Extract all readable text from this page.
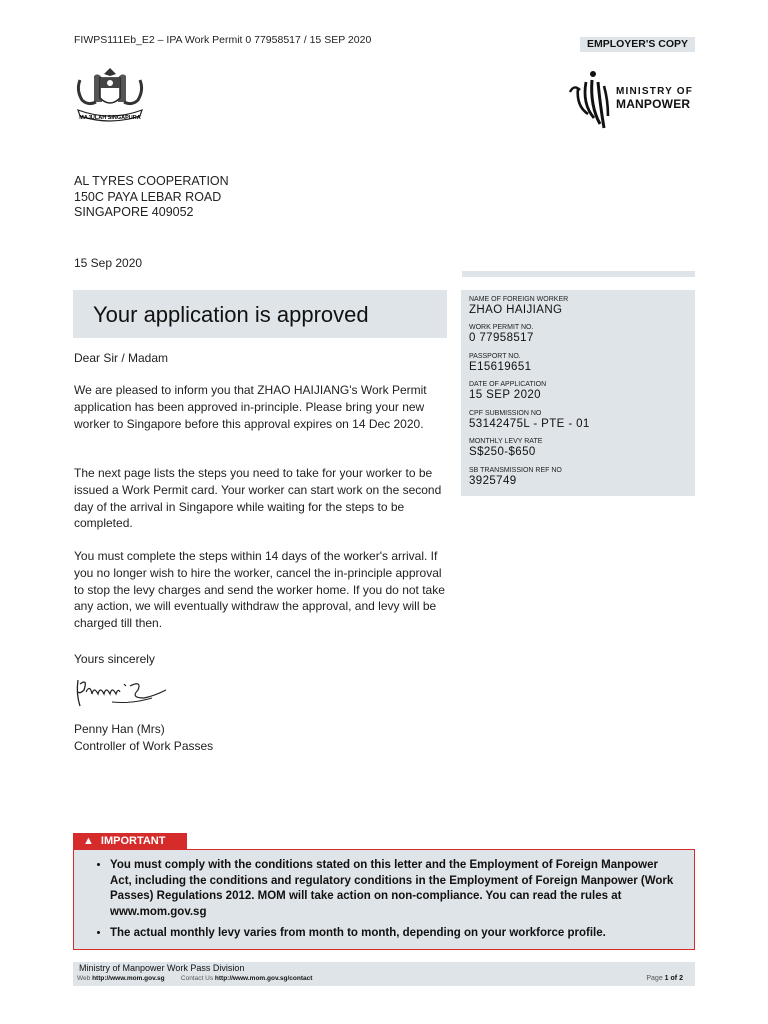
FIWPS111Eb_E2 – IPA Work Permit 0 77958517 / 15 SEP 2020	EMPLOYER'S COPY
MAJULAH SINGAPURA
MINISTRY OF
MANPOWER
AL TYRES COOPERATION
150C PAYA LEBAR ROAD
SINGAPORE 409052
15 Sep 2020
Your application is approved
NAME OF FOREIGN WORKER
ZHAO HAIJIANG
WORK PERMIT NO.
0 77958517
PASSPORT NO.
E15619651
DATE OF APPLICATION
15 SEP 2020
CPF SUBMISSION NO
53142475L - PTE - 01
MONTHLY LEVY RATE
S$250-$650
SB TRANSMISSION REF NO
3925749
Dear Sir / Madam
We are pleased to inform you that ZHAO HAIJIANG's Work Permit application has been approved in-principle. Please bring your new worker to Singapore before this approval expires on 14 Dec 2020.
The next page lists the steps you need to take for your worker to be issued a Work Permit card. Your worker can start work on the second day of the arrival in Singapore while waiting for the steps to be completed.
You must complete the steps within 14 days of the worker's arrival. If you no longer wish to hire the worker, cancel the in-principle approval to stop the levy charges and send the worker home. If you do not take any action, we will eventually withdraw the approval, and levy will be charged till then.
Yours sincerely
Penny Han (Mrs)
Controller of Work Passes
▲ IMPORTANT
• You must comply with the conditions stated on this letter and the Employment of Foreign Manpower Act, including the conditions and regulatory conditions in the Employment of Foreign Manpower (Work Passes) Regulations 2012. MOM will take action on non-compliance. You can read the rules at www.mom.gov.sg
• The actual monthly levy varies from month to month, depending on your workforce profile.
Ministry of Manpower Work Pass Division
Web http://www.mom.gov.sg	Contact Us http://www.mom.gov.sg/contact	Page 1 of 2
